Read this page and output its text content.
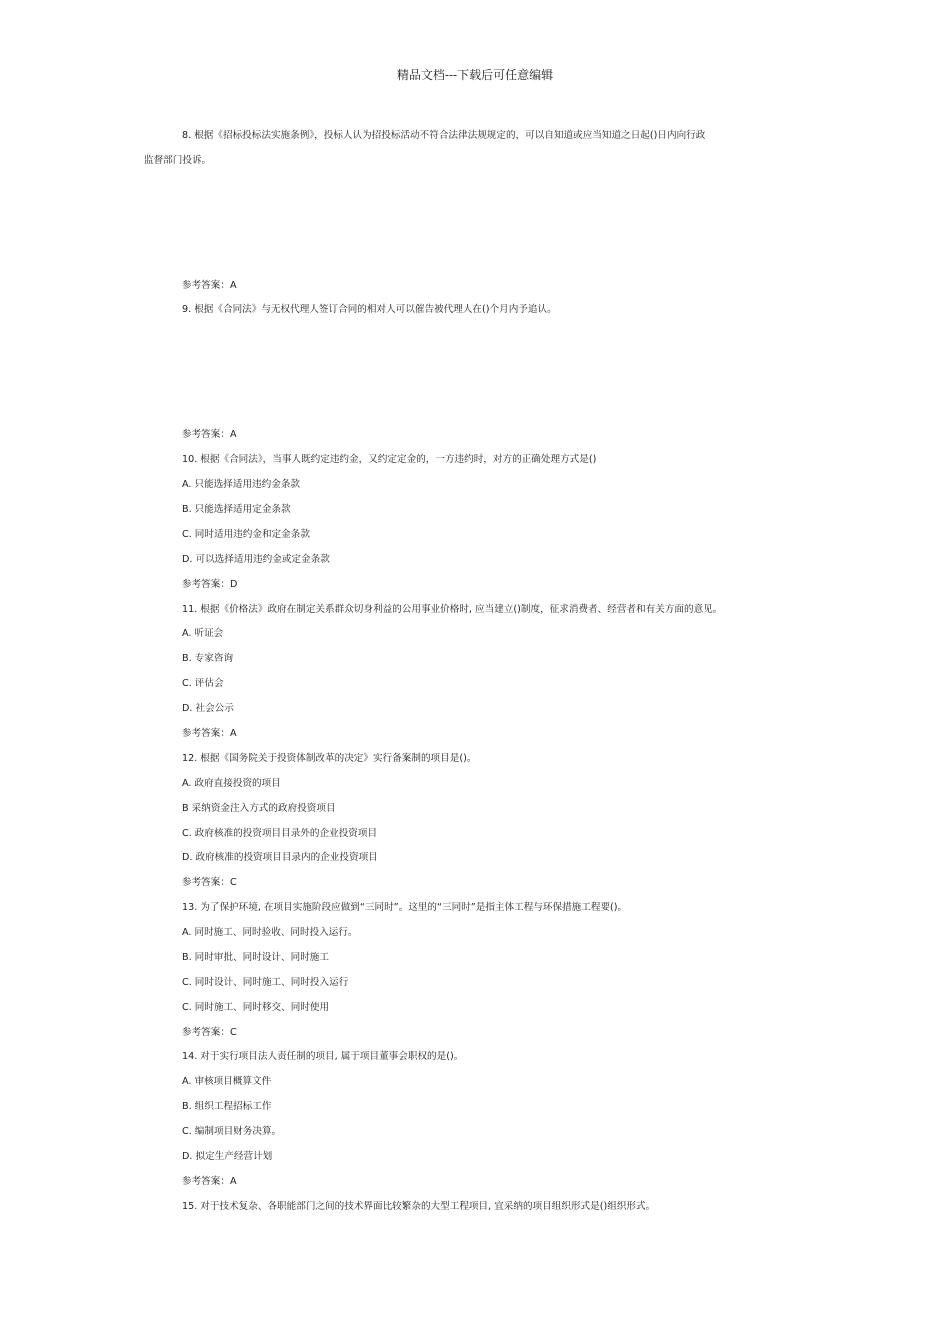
精品文档---下载后可任意编辑
8. 根据《招标投标法实施条例》，投标人认为招投标活动不符合法律法规规定的，可以自知道或应当知道之日起()日内向行政
监督部门投诉。
参考答案：A
9. 根据《合同法》与无权代理人签订合同的相对人可以催告被代理人在()个月内予追认。
参考答案：A
10. 根据《合同法》，当事人既约定违约金，又约定定金的，一方违约时，对方的正确处理方式是()
A. 只能选择适用违约金条款
B. 只能选择适用定金条款
C. 同时适用违约金和定金条款
D. 可以选择适用违约金或定金条款
参考答案：D
11. 根据《价格法》政府在制定关系群众切身利益的公用事业价格时, 应当建立()制度，征求消费者、经营者和有关方面的意见。
A. 听证会
B. 专家咨询
C. 评估会
D. 社会公示
参考答案：A
12. 根据《国务院关于投资体制改革的决定》实行备案制的项目是()。
A. 政府直接投资的项目
B 采纳资金注入方式的政府投资项目
C. 政府核准的投资项目目录外的企业投资项目
D. 政府核准的投资项目目录内的企业投资项目
参考答案：C
13. 为了保护环境, 在项目实施阶段应做到“三同时”。这里的“三同时”是指主体工程与环保措施工程要()。
A. 同时施工、同时验收、同时投入运行。
B. 同时审批、同时设计、同时施工
C. 同时设计、同时施工、同时投入运行
C. 同时施工、同时移交、同时使用
参考答案：C
14. 对于实行项目法人责任制的项目, 属于项目董事会职权的是()。
A. 审核项目概算文件
B. 组织工程招标工作
C. 编制项目财务决算。
D. 拟定生产经营计划
参考答案：A
15. 对于技术复杂、各职能部门之间的技术界面比较繁杂的大型工程项目, 宜采纳的项目组织形式是()组织形式。
